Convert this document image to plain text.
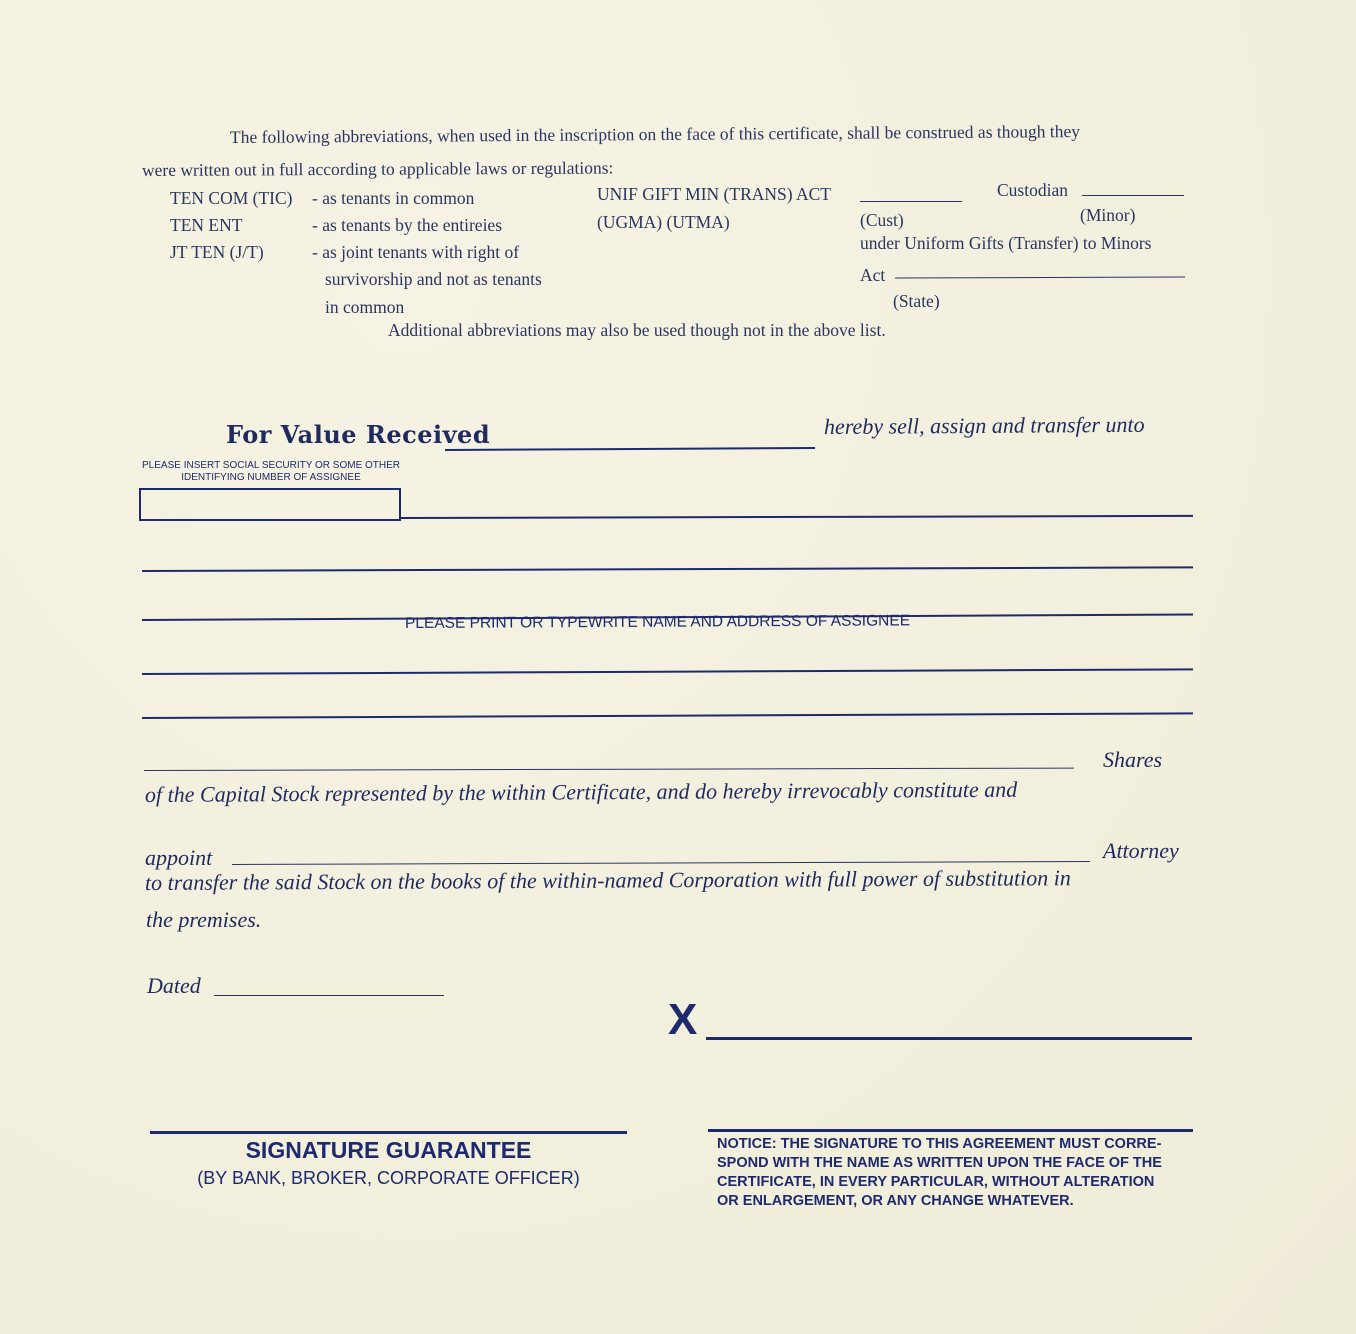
The following abbreviations, when used in the inscription on the face of this certificate, shall be construed as though they
were written out in full according to applicable laws or regulations:
TEN COM (TIC) - as tenants in common
TEN ENT	- as tenants by the entireies
JT TEN (J/T)	- as joint tenants with right of
survivorship and not as tenants
in common
UNIF GIFT MIN (TRANS) ACT	Custodian
(UGMA) (UTMA)	(Cust)	(Minor)
under Uniform Gifts (Transfer) to Minors
Act
(State)
Additional abbreviations may also be used though not in the above list.
For Value Received	hereby sell, assign and transfer unto
PLEASE INSERT SOCIAL SECURITY OR SOME OTHER
IDENTIFYING NUMBER OF ASSIGNEE
PLEASE PRINT OR TYPEWRITE NAME AND ADDRESS OF ASSIGNEE
Shares
of the Capital Stock represented by the within Certificate, and do hereby irrevocably constitute and
appoint	Attorney
to transfer the said Stock on the books of the within-named Corporation with full power of substitution in
the premises.
Dated
X
SIGNATURE GUARANTEE
(BY BANK, BROKER, CORPORATE OFFICER)
NOTICE: THE SIGNATURE TO THIS AGREEMENT MUST CORRE-
SPOND WITH THE NAME AS WRITTEN UPON THE FACE OF THE
CERTIFICATE, IN EVERY PARTICULAR, WITHOUT ALTERATION
OR ENLARGEMENT, OR ANY CHANGE WHATEVER.
